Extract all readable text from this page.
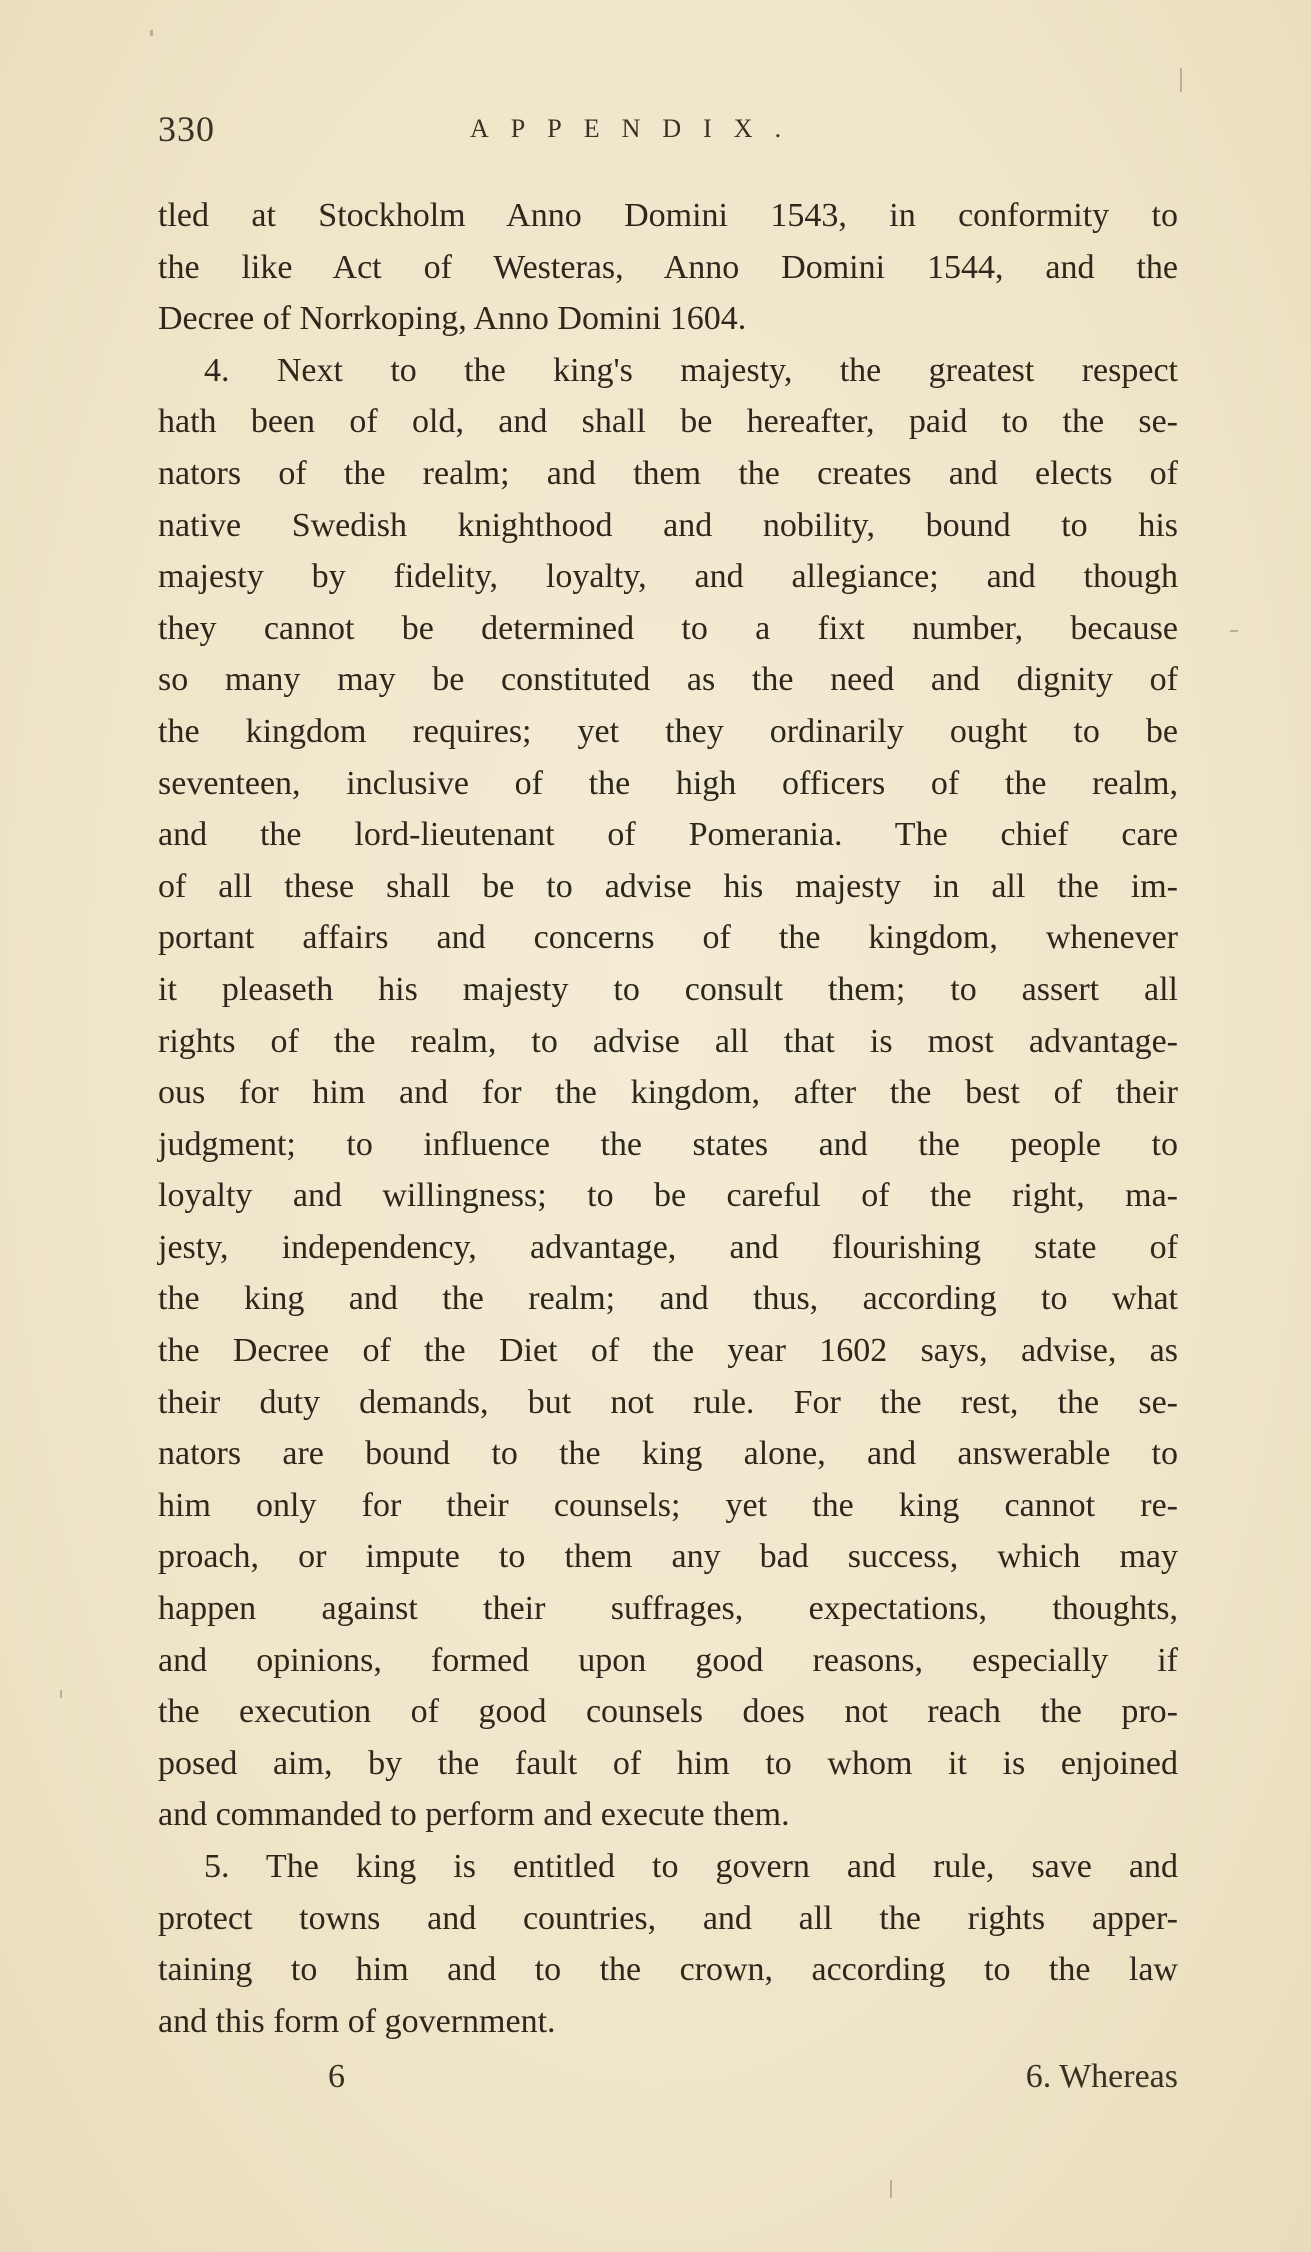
330	APPENDIX.
tled at Stockholm Anno Domini 1543, in conformity to
the like Act of Westeras, Anno Domini 1544, and the
Decree of Norrkoping, Anno Domini 1604.
4. Next to the king's majesty, the greatest respect
hath been of old, and shall be hereafter, paid to the se-
nators of the realm; and them the creates and elects of
native Swedish knighthood and nobility, bound to his
majesty by fidelity, loyalty, and allegiance; and though
they cannot be determined to a fixt number, because
so many may be constituted as the need and dignity of
the kingdom requires; yet they ordinarily ought to be
seventeen, inclusive of the high officers of the realm,
and the lord-lieutenant of Pomerania. The chief care
of all these shall be to advise his majesty in all the im-
portant affairs and concerns of the kingdom, whenever
it pleaseth his majesty to consult them; to assert all
rights of the realm, to advise all that is most advantage-
ous for him and for the kingdom, after the best of their
judgment; to influence the states and the people to
loyalty and willingness; to be careful of the right, ma-
jesty, independency, advantage, and flourishing state of
the king and the realm; and thus, according to what
the Decree of the Diet of the year 1602 says, advise, as
their duty demands, but not rule. For the rest, the se-
nators are bound to the king alone, and answerable to
him only for their counsels; yet the king cannot re-
proach, or impute to them any bad success, which may
happen against their suffrages, expectations, thoughts,
and opinions, formed upon good reasons, especially if
the execution of good counsels does not reach the pro-
posed aim, by the fault of him to whom it is enjoined
and commanded to perform and execute them.
5. The king is entitled to govern and rule, save and
protect towns and countries, and all the rights apper-
taining to him and to the crown, according to the law
and this form of government.
6	6. Whereas
